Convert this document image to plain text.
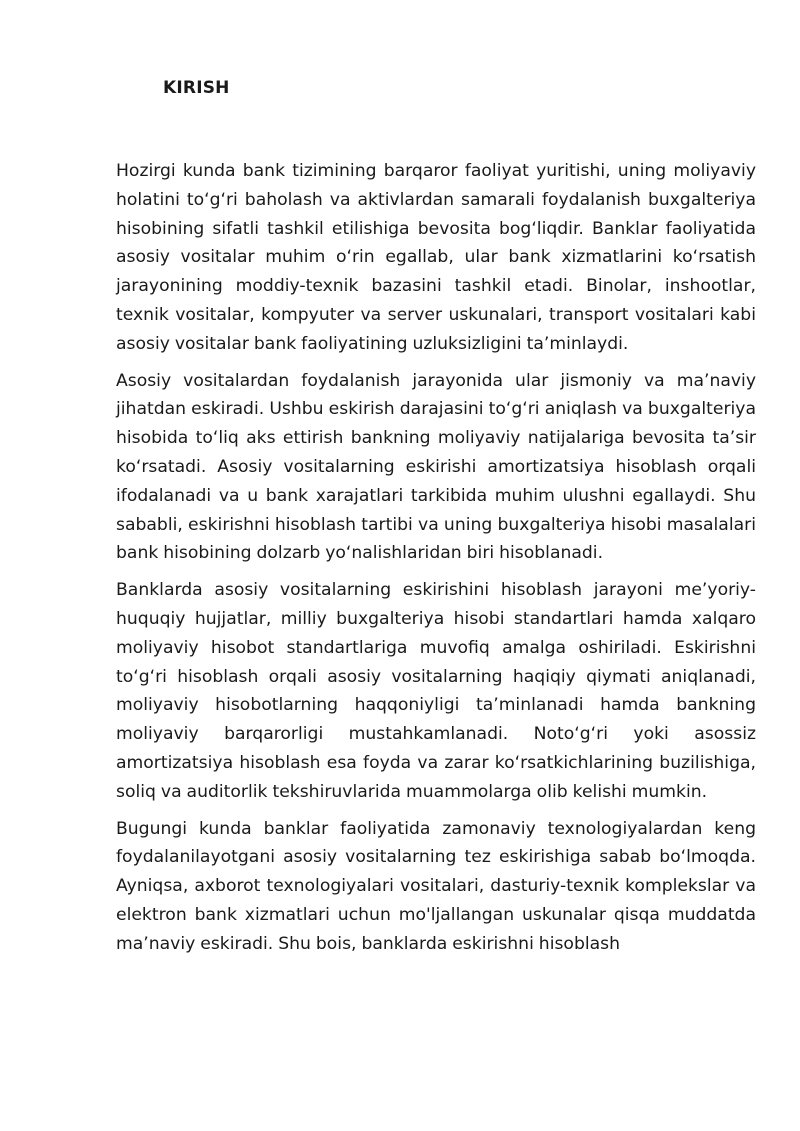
KIRISH

Hozirgi kunda bank tizimining barqaror faoliyat yuritishi, uning moliyaviy holatini to‘g‘ri baholash va aktivlardan samarali foydalanish buxgalteriya hisobining sifatli tashkil etilishiga bevosita bog‘liqdir. Banklar faoliyatida asosiy vositalar muhim o‘rin egallab, ular bank xizmatlarini ko‘rsatish jarayonining moddiy-texnik bazasini tashkil etadi. Binolar, inshootlar, texnik vositalar, kompyuter va server uskunalari, transport vositalari kabi asosiy vositalar bank faoliyatining uzluksizligini ta’minlaydi.

Asosiy vositalardan foydalanish jarayonida ular jismoniy va ma’naviy jihatdan eskiradi. Ushbu eskirish darajasini to‘g‘ri aniqlash va buxgalteriya hisobida to‘liq aks ettirish bankning moliyaviy natijalariga bevosita ta’sir ko‘rsatadi. Asosiy vositalarning eskirishi amortizatsiya hisoblash orqali ifodalanadi va u bank xarajatlari tarkibida muhim ulushni egallaydi. Shu sababli, eskirishni hisoblash tartibi va uning buxgalteriya hisobi masalalari bank hisobining dolzarb yo‘nalishlaridan biri hisoblanadi.

Banklarda asosiy vositalarning eskirishini hisoblash jarayoni me’yoriy-huquqiy hujjatlar, milliy buxgalteriya hisobi standartlari hamda xalqaro moliyaviy hisobot standartlariga muvofiq amalga oshiriladi. Eskirishni to‘g‘ri hisoblash orqali asosiy vositalarning haqiqiy qiymati aniqlanadi, moliyaviy hisobotlarning haqqoniyligi ta’minlanadi hamda bankning moliyaviy barqarorligi mustahkamlanadi. Noto‘g‘ri yoki asossiz amortizatsiya hisoblash esa foyda va zarar ko‘rsatkichlarining buzilishiga, soliq va auditorlik tekshiruvlarida muammolarga olib kelishi mumkin.

Bugungi kunda banklar faoliyatida zamonaviy texnologiyalardan keng foydalanilayotgani asosiy vositalarning tez eskirishiga sabab bo‘lmoqda. Ayniqsa, axborot texnologiyalari vositalari, dasturiy-texnik komplekslar va elektron bank xizmatlari uchun mo'ljallangan uskunalar qisqa muddatda ma’naviy eskiradi. Shu bois, banklarda eskirishni hisoblash
